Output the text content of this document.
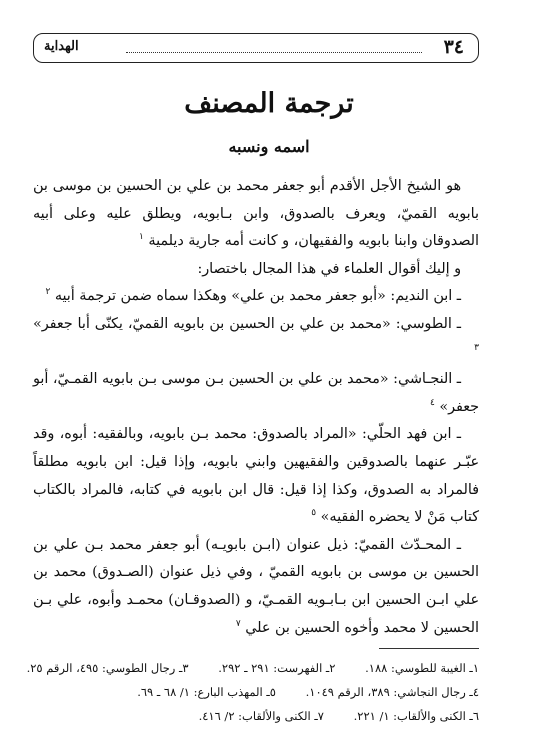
٣٤
الهداية
ترجمة المصنف
اسمه ونسبه

هو الشيخ الأجل الأقدم أبو جعفر محمد بن علي بن الحسين بن موسى بن بابويه القميّ، ويعرف بالصدوق، وابن بـابويه، ويطلق عليه وعلى أبيه الصدوقان وابنا بابويه والفقيهان، و كانت أمه جارية ديلمية $^١$

و إليك أقوال العلماء في هذا المجال باختصار:

ـ ابن النديم: «أبو جعفر محمد بن علي» وهكذا سماه ضمن ترجمة أبيه $^٢$

ـ الطوسي: «محمد بن علي بن الحسين بن بابويه القميّ، يكنّى أبا جعفر» $^٣$

ـ النجـاشي: «محمد بن علي بن الحسين بـن موسى بـن بابويه القمـيّ، أبو جعفر» $^٤$

ـ ابن فهد الحلّي: «المراد بالصدوق: محمد بـن بابويه، وبالفقيه: أبوه، وقد عبّـر عنهما بالصدوقين والفقيهين وابني بابويه، وإذا قيل: ابن بابويه مطلقاً فالمراد به الصدوق، وكذا إذا قيل: قال ابن بابويه في كتابه، فالمراد بالكتاب كتاب مَنْ لا يحضره الفقيه» $^٥$

ـ المحـدّث القميّ: ذيل عنوان (ابـن بابويـه) أبو جعفر محمد بـن علي بن الحسين بن موسى بن بابويه القميّ ، وفي ذيل عنوان (الصـدوق) محمد بن علي ابـن الحسين ابن بـابـويه القمـيّ، و (الصدوقـان) محمـد وأبوه، علي بـن الحسين لا محمد وأخوه الحسين بن علي $^٧$

١ـ الغيبة للطوسي: ١٨٨. ٢ـ الفهرست: ٢٩١ ـ ٢٩٢. ٣ـ رجال الطوسي: ٤٩٥، الرقم ٢٥.
٤ـ رجال النجاشي: ٣٨٩، الرقم ١٠٤٩. ٥ـ المهذب البارع: ١/ ٦٨ ـ ٦٩.
٦ـ الكنى والألقاب: ١/ ٢٢١. ٧ـ الكنى والألقاب: ٢/ ٤١٦.
